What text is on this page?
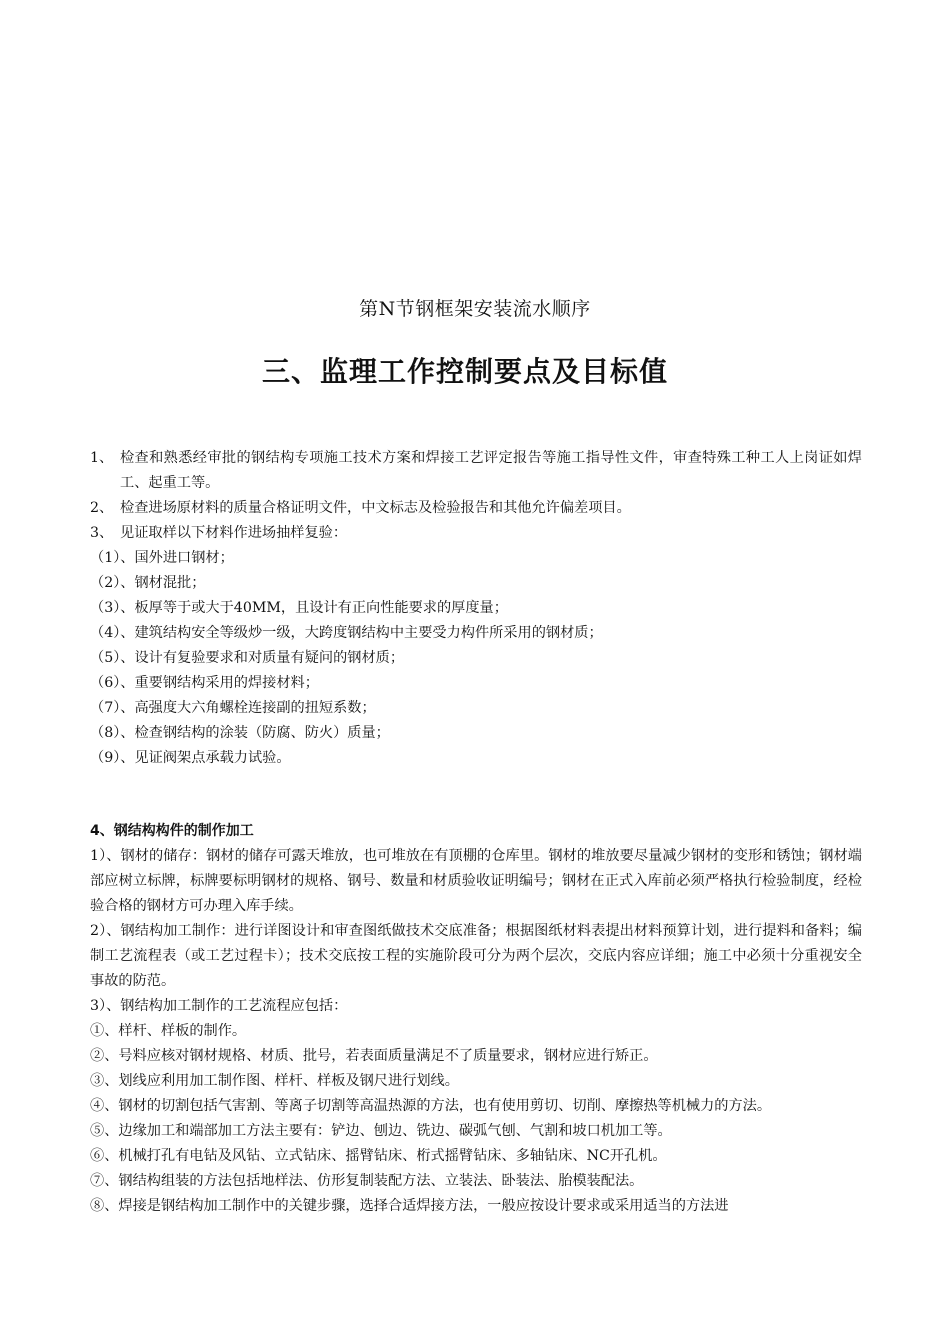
第N节钢框架安装流水顺序
三、监理工作控制要点及目标值
1、 检查和熟悉经审批的钢结构专项施工技术方案和焊接工艺评定报告等施工指导性文件，审查特殊工种工人上岗证如焊工、起重工等。
2、 检查进场原材料的质量合格证明文件，中文标志及检验报告和其他允许偏差项目。
3、 见证取样以下材料作进场抽样复验：

（1）、国外进口钢材；

（2）、钢材混批；

（3）、板厚等于或大于40MM，且设计有正向性能要求的厚度量；

（4）、建筑结构安全等级炒一级，大跨度钢结构中主要受力构件所采用的钢材质；

（5）、设计有复验要求和对质量有疑问的钢材质；

（6）、重要钢结构采用的焊接材料；

（7）、高强度大六角螺栓连接副的扭短系数；

（8）、检查钢结构的涂装（防腐、防火）质量；

（9）、见证阀架点承载力试验。

4、钢结构构件的制作加工

1）、钢材的储存：钢材的储存可露天堆放，也可堆放在有顶棚的仓库里。钢材的堆放要尽量减少钢材的变形和锈蚀；钢材端部应树立标牌，标牌要标明钢材的规格、钢号、数量和材质验收证明编号；钢材在正式入库前必须严格执行检验制度，经检验合格的钢材方可办理入库手续。

2）、钢结构加工制作：进行详图设计和审查图纸做技术交底准备；根据图纸材料表提出材料预算计划，进行提料和备料；编制工艺流程表（或工艺过程卡）；技术交底按工程的实施阶段可分为两个层次，交底内容应详细；施工中必须十分重视安全事故的防范。

3）、钢结构加工制作的工艺流程应包括：

①、样杆、样板的制作。

②、号料应核对钢材规格、材质、批号，若表面质量满足不了质量要求，钢材应进行矫正。

③、划线应利用加工制作图、样杆、样板及钢尺进行划线。

④、钢材的切割包括气害割、等离子切割等高温热源的方法，也有使用剪切、切削、摩擦热等机械力的方法。

⑤、边缘加工和端部加工方法主要有：铲边、刨边、铣边、碳弧气刨、气割和坡口机加工等。

⑥、机械打孔有电钻及风钻、立式钻床、摇臂钻床、桁式摇臂钻床、多轴钻床、NC开孔机。

⑦、钢结构组装的方法包括地样法、仿形复制装配方法、立装法、卧装法、胎模装配法。

⑧、焊接是钢结构加工制作中的关键步骤，选择合适焊接方法，一般应按设计要求或采用适当的方法进
